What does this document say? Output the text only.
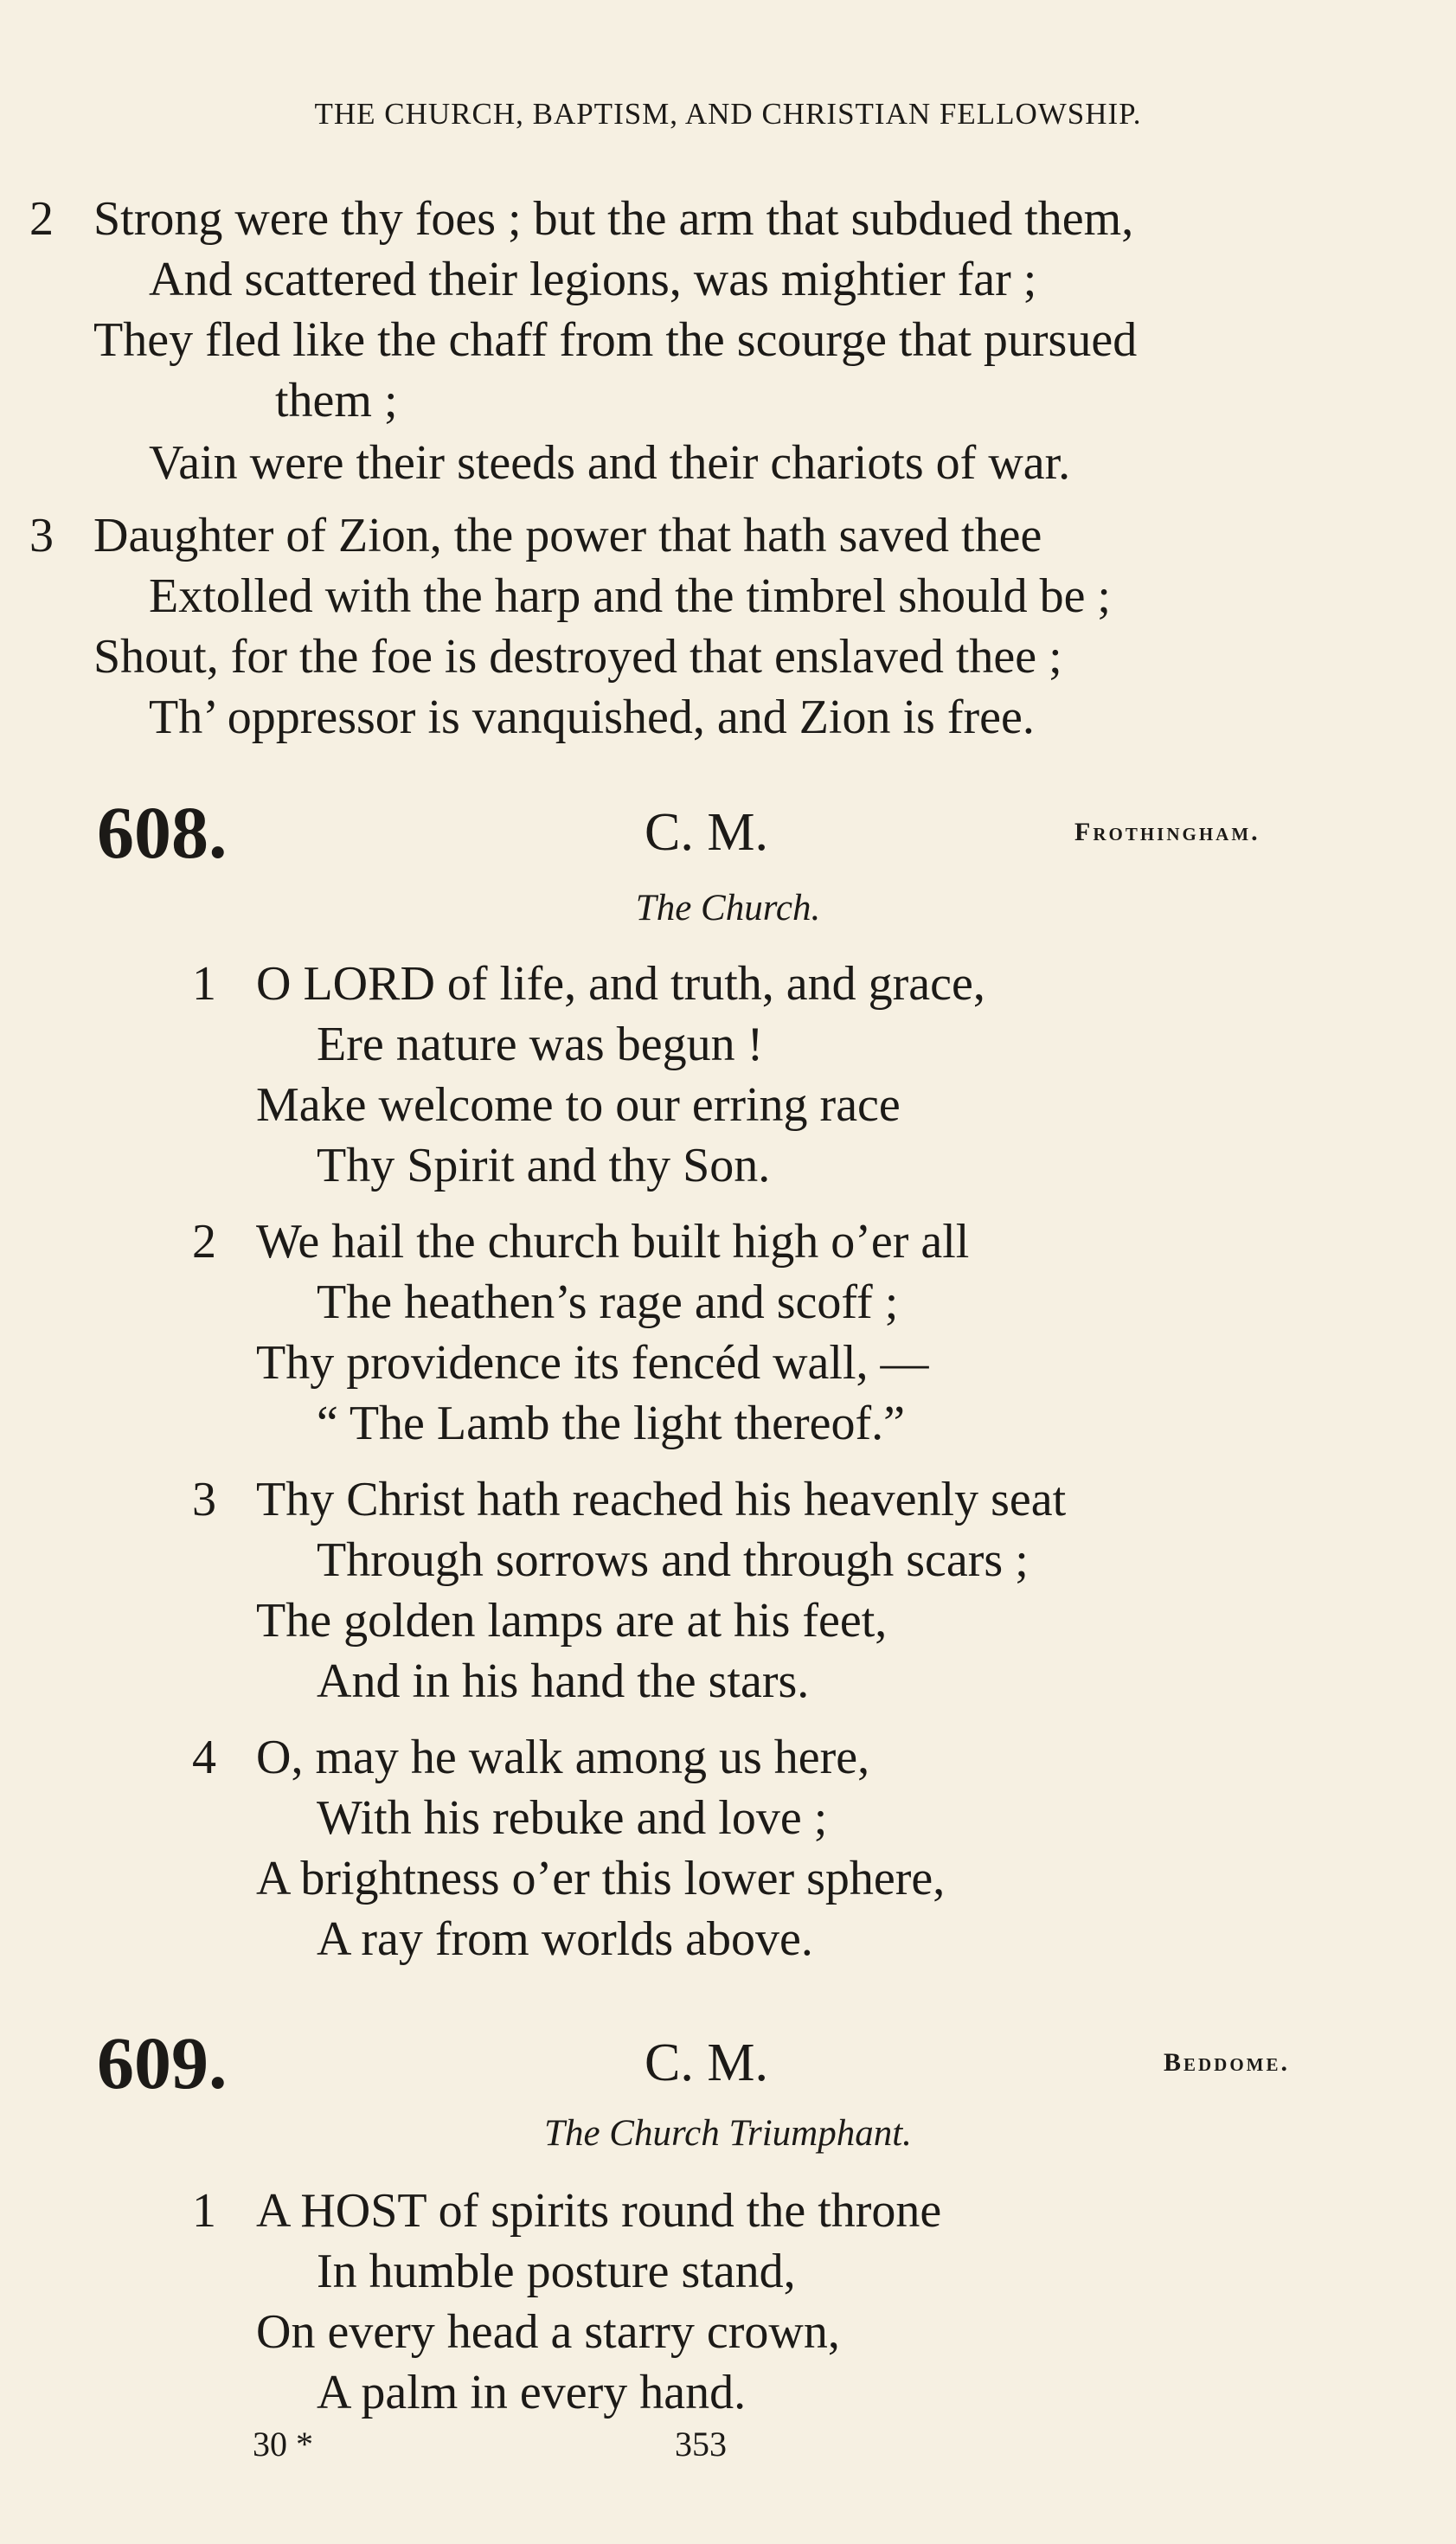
THE CHURCH, BAPTISM, AND CHRISTIAN FELLOWSHIP.
2 Strong were thy foes ; but the arm that subdued them,
And scattered their legions, was mightier far ;
They fled like the chaff from the scourge that pursued
them ;
Vain were their steeds and their chariots of war.
3 Daughter of Zion, the power that hath saved thee
Extolled with the harp and the timbrel should be ;
Shout, for the foe is destroyed that enslaved thee ;
Th’ oppressor is vanquished, and Zion is free.
608.	C. M.	Frothingham.
The Church.
1 O LORD of life, and truth, and grace,
Ere nature was begun !
Make welcome to our erring race
Thy Spirit and thy Son.
2 We hail the church built high o’er all
The heathen’s rage and scoff ;
Thy providence its fencéd wall, —
“ The Lamb the light thereof.”
3 Thy Christ hath reached his heavenly seat
Through sorrows and through scars ;
The golden lamps are at his feet,
And in his hand the stars.
4 O, may he walk among us here,
With his rebuke and love ;
A brightness o’er this lower sphere,
A ray from worlds above.
609.	C. M.	Beddome.
The Church Triumphant.
1 A HOST of spirits round the throne
In humble posture stand,
On every head a starry crown,
A palm in every hand.
30 *	353
